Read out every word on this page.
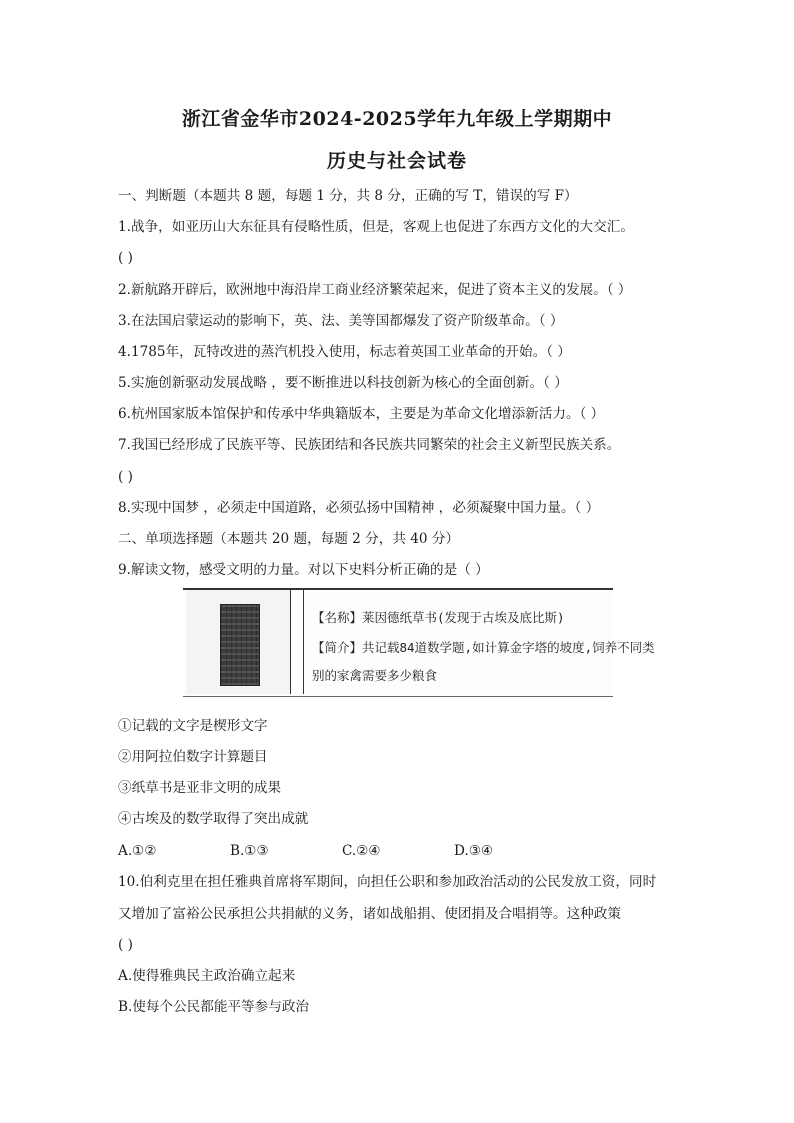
浙江省金华市2024-2025学年九年级上学期期中
历史与社会试卷
一、判断题（本题共 8 题，每题 1 分，共 8 分，正确的写 T，错误的写 F）
1.战争，如亚历山大东征具有侵略性质，但是，客观上也促进了东西方文化的大交汇。
( )
2.新航路开辟后，欧洲地中海沿岸工商业经济繁荣起来，促进了资本主义的发展。（ ）
3.在法国启蒙运动的影响下，英、法、美等国都爆发了资产阶级革命。（ ）
4.1785年，瓦特改进的蒸汽机投入使用，标志着英国工业革命的开始。（ ）
5.实施创新驱动发展战略 ，要不断推进以科技创新为核心的全面创新。（ ）
6.杭州国家版本馆保护和传承中华典籍版本，主要是为革命文化增添新活力。（ ）
7.我国已经形成了民族平等、民族团结和各民族共同繁荣的社会主义新型民族关系。
( )
8.实现中国梦 ，必须走中国道路，必须弘扬中国精神 ，必须凝聚中国力量。（ ）
二、单项选择题（本题共 20 题，每题 2 分，共 40 分）
9.解读文物，感受文明的力量。对以下史料分析正确的是（ ）
【名称】莱因德纸草书(发现于古埃及底比斯)
【简介】共记载84道数学题,如计算金字塔的坡度,饲养不同类
别的家禽需要多少粮食
①记载的文字是楔形文字
②用阿拉伯数字计算题目
③纸草书是亚非文明的成果
④古埃及的数学取得了突出成就
A.①②	B.①③	C.②④	D.③④
10.伯利克里在担任雅典首席将军期间，向担任公职和参加政治活动的公民发放工资，同时
又增加了富裕公民承担公共捐献的义务，诸如战船捐、使团捐及合唱捐等。这种政策
( )
A.使得雅典民主政治确立起来
B.使每个公民都能平等参与政治
